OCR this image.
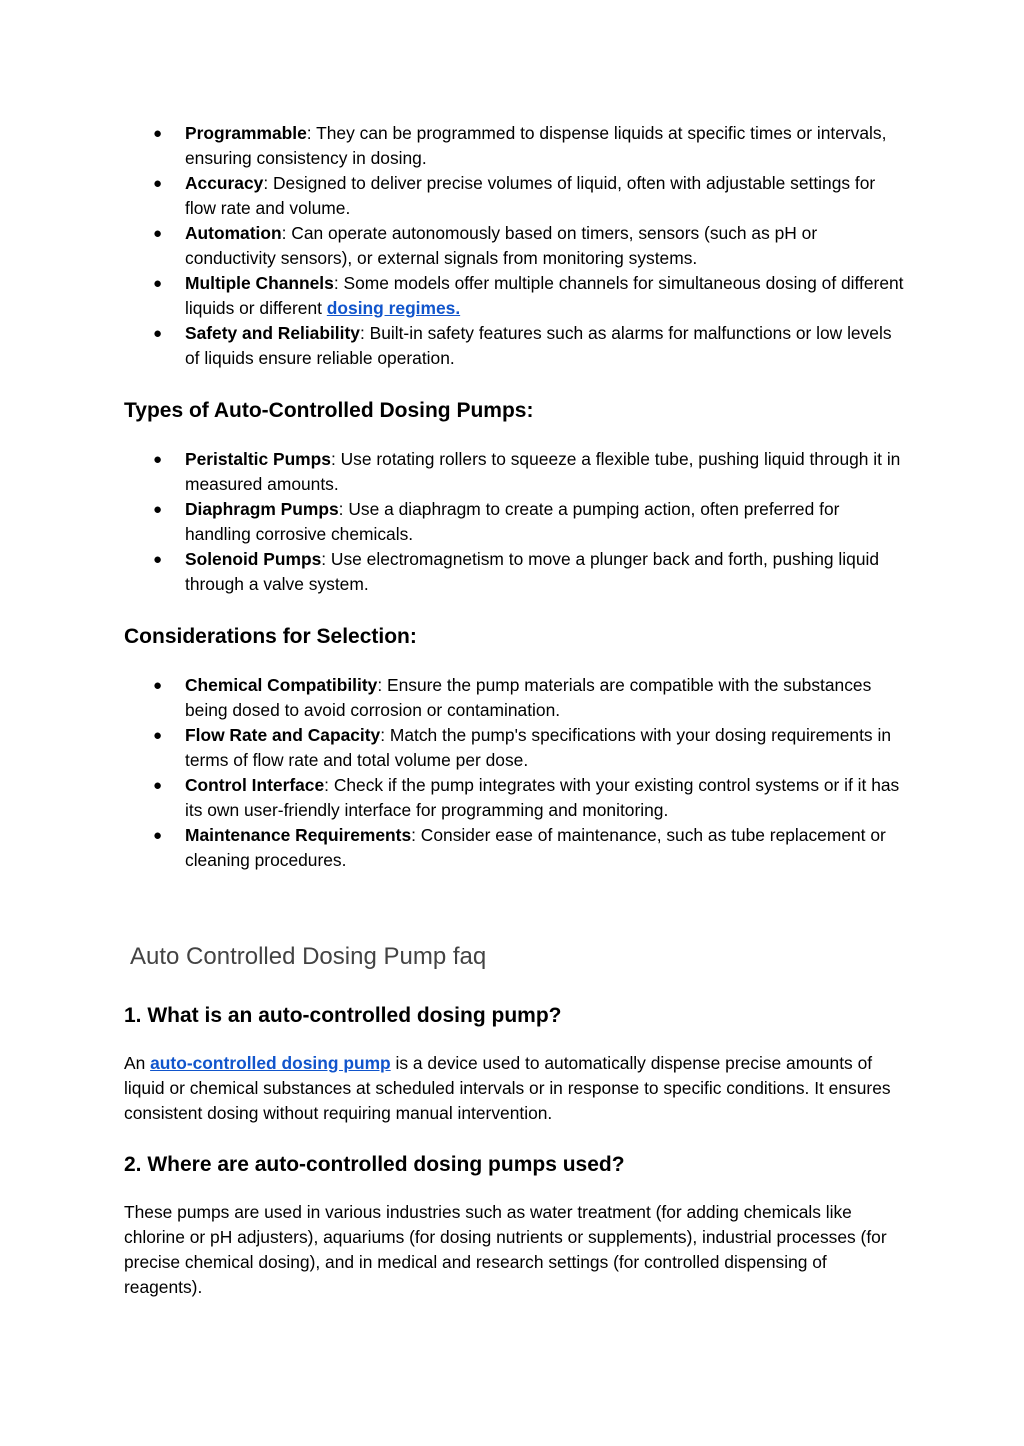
● Programmable: They can be programmed to dispense liquids at specific times or intervals, ensuring consistency in dosing.
● Accuracy: Designed to deliver precise volumes of liquid, often with adjustable settings for flow rate and volume.
● Automation: Can operate autonomously based on timers, sensors (such as pH or conductivity sensors), or external signals from monitoring systems.
● Multiple Channels: Some models offer multiple channels for simultaneous dosing of different liquids or different dosing regimes.
● Safety and Reliability: Built-in safety features such as alarms for malfunctions or low levels of liquids ensure reliable operation.
Types of Auto-Controlled Dosing Pumps:
● Peristaltic Pumps: Use rotating rollers to squeeze a flexible tube, pushing liquid through it in measured amounts.
● Diaphragm Pumps: Use a diaphragm to create a pumping action, often preferred for handling corrosive chemicals.
● Solenoid Pumps: Use electromagnetism to move a plunger back and forth, pushing liquid through a valve system.
Considerations for Selection:
● Chemical Compatibility: Ensure the pump materials are compatible with the substances being dosed to avoid corrosion or contamination.
● Flow Rate and Capacity: Match the pump's specifications with your dosing requirements in terms of flow rate and total volume per dose.
● Control Interface: Check if the pump integrates with your existing control systems or if it has its own user-friendly interface for programming and monitoring.
● Maintenance Requirements: Consider ease of maintenance, such as tube replacement or cleaning procedures.
Auto Controlled Dosing Pump faq
1. What is an auto-controlled dosing pump?

An auto-controlled dosing pump is a device used to automatically dispense precise amounts of liquid or chemical substances at scheduled intervals or in response to specific conditions. It ensures consistent dosing without requiring manual intervention.

2. Where are auto-controlled dosing pumps used?

These pumps are used in various industries such as water treatment (for adding chemicals like chlorine or pH adjusters), aquariums (for dosing nutrients or supplements), industrial processes (for precise chemical dosing), and in medical and research settings (for controlled dispensing of reagents).
